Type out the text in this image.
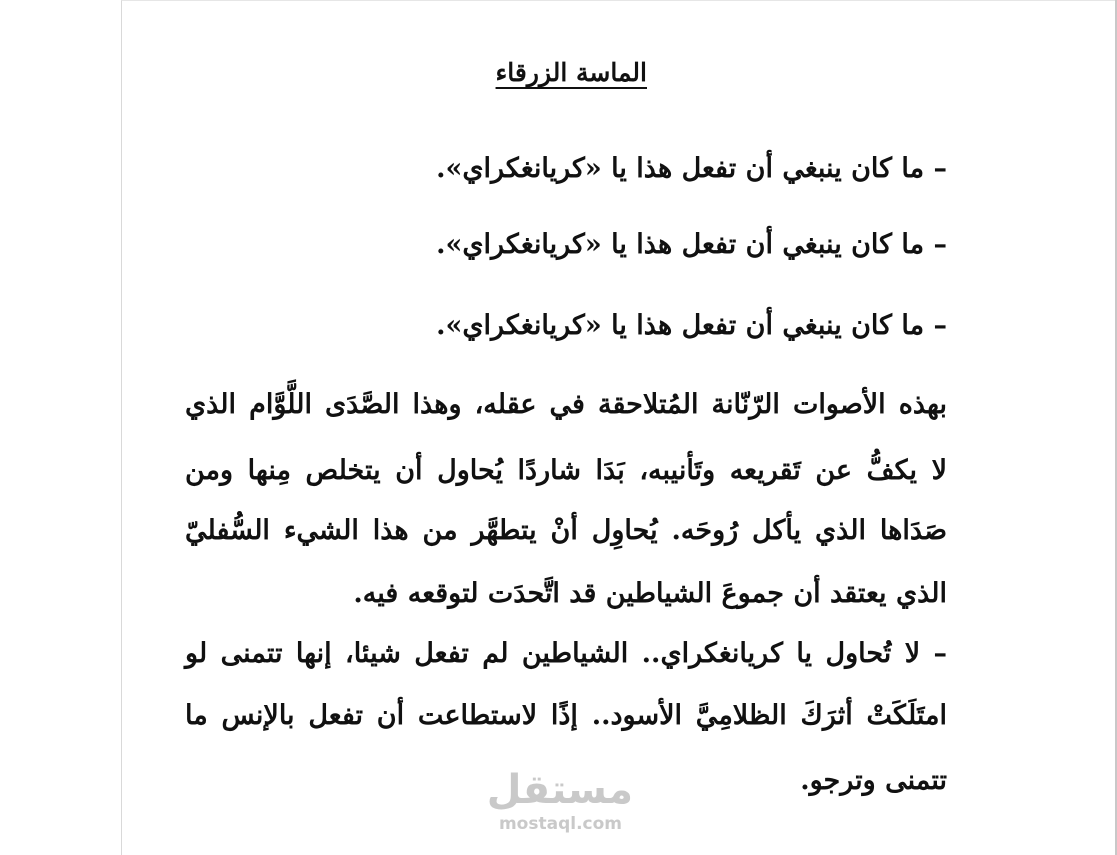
الماسة الزرقاء
– ما كان ينبغي أن تفعل هذا يا «كريانغكراي».
– ما كان ينبغي أن تفعل هذا يا «كريانغكراي».
– ما كان ينبغي أن تفعل هذا يا «كريانغكراي».
بهذه الأصوات الرّنّانة المُتلاحقة في عقله، وهذا الصَّدَى اللَّوَّام الذي
لا يكفُّ عن تَقريعه وتَأنيبه، بَدَا شاردًا يُحاول أن يتخلص مِنها ومن
صَدَاها الذي يأكل رُوحَه. يُحاوِل أنْ يتطهَّر من هذا الشيء السُّفليّ
الذي يعتقد أن جموعَ الشياطين قد اتَّحدَت لتوقعه فيه.
– لا تُحاول يا كريانغكراي.. الشياطين لم تفعل شيئا، إنها تتمنى لو
امتَلَكَتْ أثرَكَ الظلامِيَّ الأسود.. إذًا لاستطاعت أن تفعل بالإنس ما
تتمنى وترجو.
مستقل
mostaql.com
